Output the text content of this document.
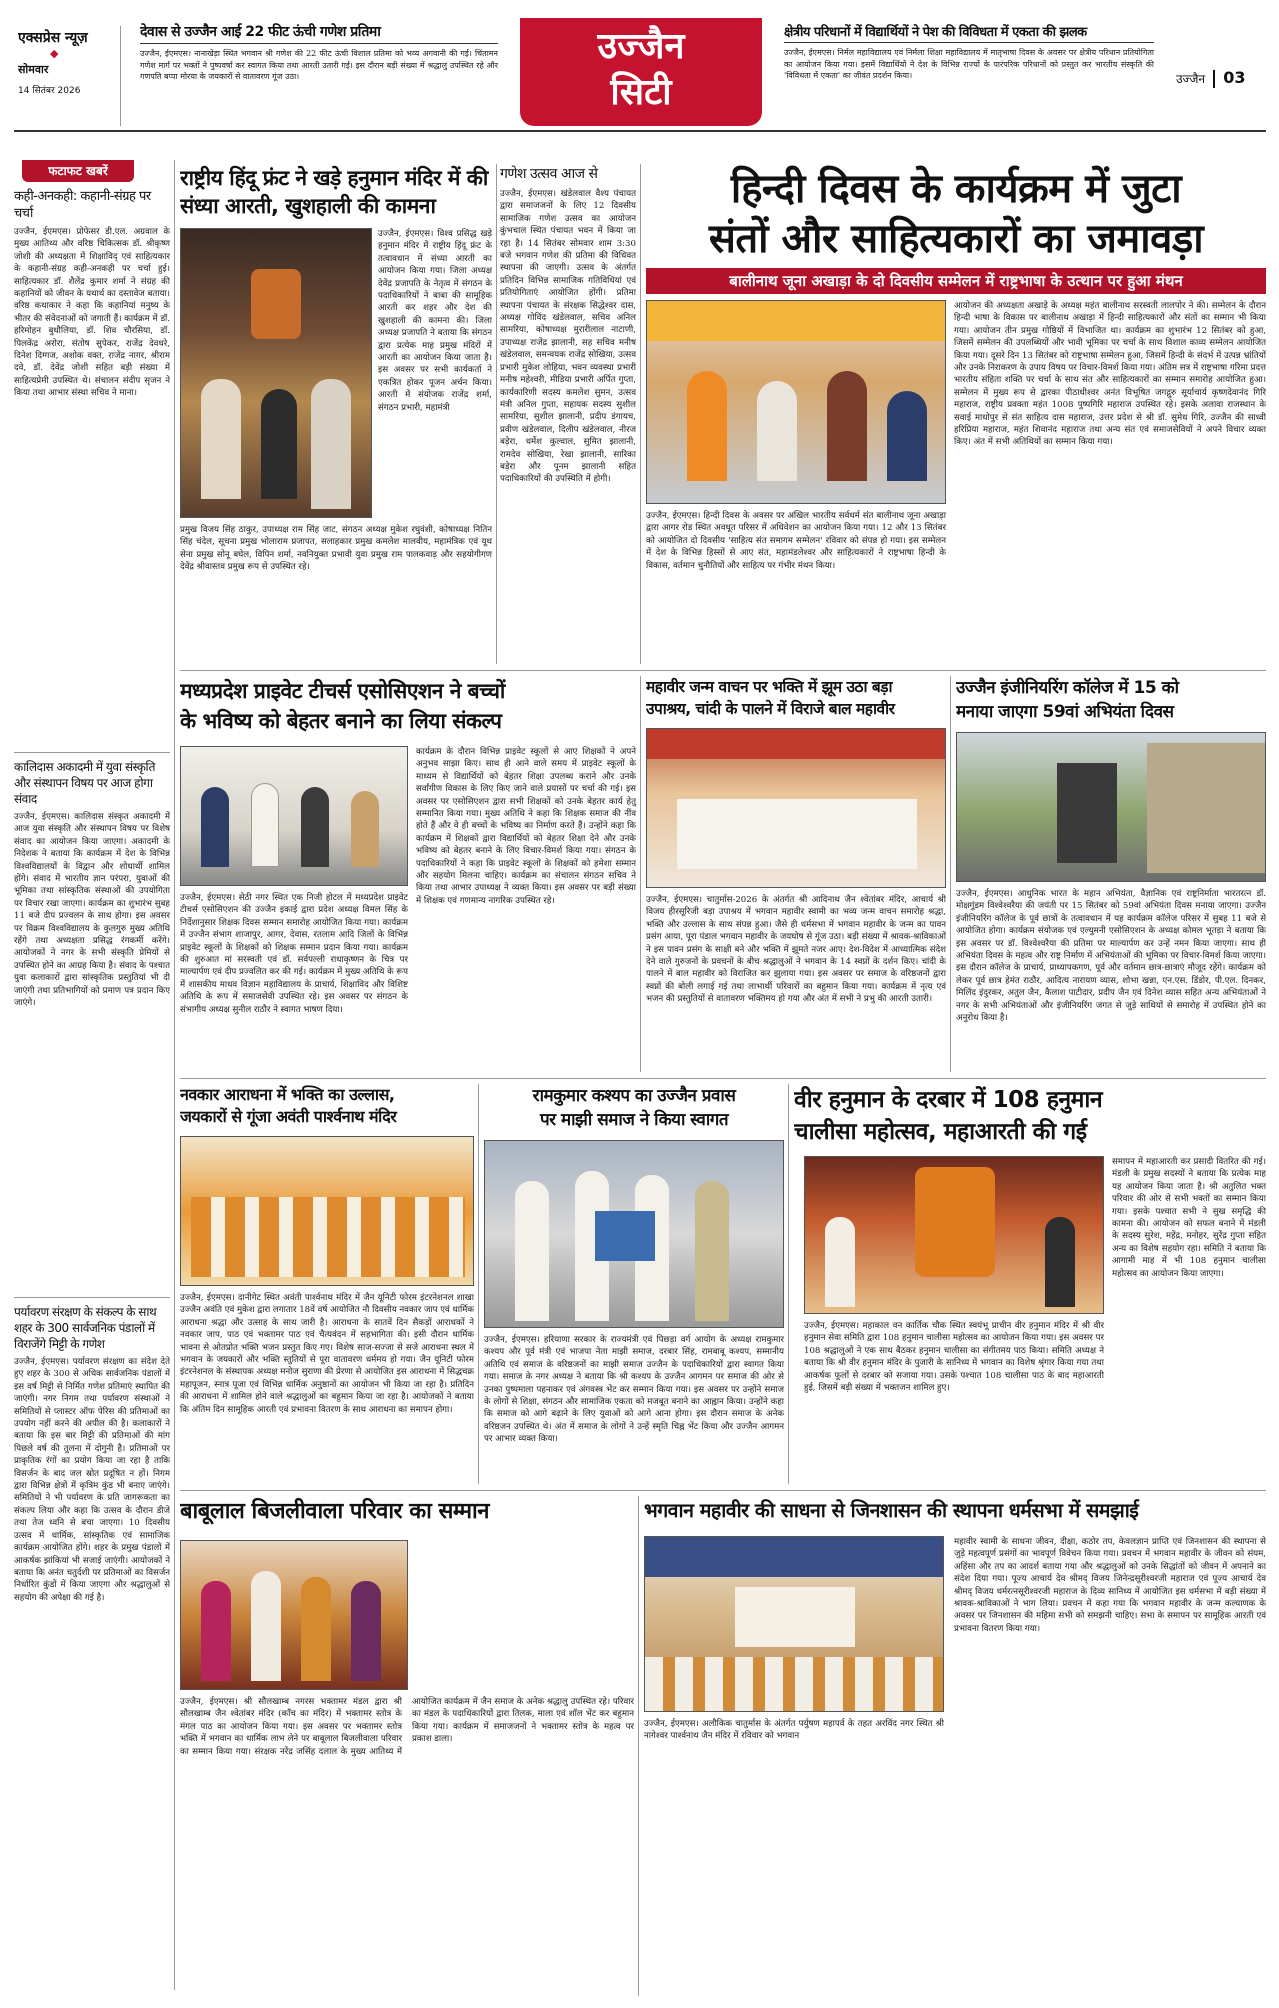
एक्सप्रेस न्यूज़
◆
सोमवार
14 सितंबर 2026
देवास से उज्जैन आई 22 फीट ऊंची गणेश प्रतिमा
उज्जैन, ईएमएस। नानाखेड़ा स्थित भगवान श्री गणेश की 22 फीट ऊंची विशाल प्रतिमा को भव्य अगवानी की गई। चिंतामन गणेश मार्ग पर भक्तों ने पुष्पवर्षा कर स्वागत किया तथा आरती उतारी गई। इस दौरान बड़ी संख्या में श्रद्धालु उपस्थित रहे और गणपति बप्पा मोरया के जयकारों से वातावरण गूंज उठा।
उज्जैन
सिटी
क्षेत्रीय परिधानों में विद्यार्थियों ने पेश की विविधता में एकता की झलक
उज्जैन, ईएमएस। निर्मल महाविद्यालय एवं निर्मला शिक्षा महाविद्यालय में मातृभाषा दिवस के अवसर पर क्षेत्रीय परिधान प्रतियोगिता का आयोजन किया गया। इसमें विद्यार्थियों ने देश के विभिन्न राज्यों के पारंपरिक परिधानों को प्रस्तुत कर भारतीय संस्कृति की 'विविधता में एकता' का जीवंत प्रदर्शन किया।	उज्जैन 03
फटाफट खबरें
कही-अनकही: कहानी-संग्रह पर चर्चा
उज्जैन, ईएमएस। प्रोफेसर डी.एल. अग्रवाल के मुख्य आतिथ्य और वरिष्ठ चिकित्सक डॉ. श्रीकृष्ण जोशी की अध्यक्षता में शिक्षाविद् एवं साहित्यकार के कहानी-संग्रह कही-अनकही पर चर्चा हुई। साहित्यकार डॉ. शैलेंद्र कुमार शर्मा ने संग्रह की कहानियों को जीवन के यथार्थ का दस्तावेज बताया। वरिष्ठ कथाकार ने कहा कि कहानियां मनुष्य के भीतर की संवेदनाओं को जगाती हैं। कार्यक्रम में डॉ. हरिमोहन बुधौलिया, डॉ. शिव चौरसिया, डॉ. पिलकेंद्र अरोरा, संतोष सुपेकर, राजेंद्र देवधरे, दिनेश दिग्गज, अशोक वक्त, राजेंद्र नागर, श्रीराम दवे, डॉ. देवेंद्र जोशी सहित बड़ी संख्या में साहित्यप्रेमी उपस्थित थे। संचालन संदीप सृजन ने किया तथा आभार संस्था सचिव ने माना।
कालिदास अकादमी में युवा संस्कृति और संस्थापन विषय पर आज होगा संवाद
उज्जैन, ईएमएस। कालिदास संस्कृत अकादमी में आज युवा संस्कृति और संस्थापन विषय पर विशेष संवाद का आयोजन किया जाएगा। अकादमी के निदेशक ने बताया कि कार्यक्रम में देश के विभिन्न विश्वविद्यालयों के विद्वान और शोधार्थी शामिल होंगे। संवाद में भारतीय ज्ञान परंपरा, युवाओं की भूमिका तथा सांस्कृतिक संस्थाओं की उपयोगिता पर विचार रखा जाएगा। कार्यक्रम का शुभारंभ सुबह 11 बजे दीप प्रज्वलन के साथ होगा। इस अवसर पर विक्रम विश्वविद्यालय के कुलगुरु मुख्य अतिथि रहेंगे तथा अध्यक्षता प्रसिद्ध रंगकर्मी करेंगे। आयोजकों ने नगर के सभी संस्कृति प्रेमियों से उपस्थित होने का आग्रह किया है। संवाद के पश्चात युवा कलाकारों द्वारा सांस्कृतिक प्रस्तुतियां भी दी जाएंगी तथा प्रतिभागियों को प्रमाण पत्र प्रदान किए जाएंगे।
पर्यावरण संरक्षण के संकल्प के साथ शहर के 300 सार्वजनिक पंडालों में विराजेंगे मिट्टी के गणेश
उज्जैन, ईएमएस। पर्यावरण संरक्षण का संदेश देते हुए शहर के 300 से अधिक सार्वजनिक पंडालों में इस वर्ष मिट्टी से निर्मित गणेश प्रतिमाएं स्थापित की जाएंगी। नगर निगम तथा पर्यावरण संस्थाओं ने समितियों से प्लास्टर ऑफ पेरिस की प्रतिमाओं का उपयोग नहीं करने की अपील की है। कलाकारों ने बताया कि इस बार मिट्टी की प्रतिमाओं की मांग पिछले वर्ष की तुलना में दोगुनी है। प्रतिमाओं पर प्राकृतिक रंगों का प्रयोग किया जा रहा है ताकि विसर्जन के बाद जल स्रोत प्रदूषित न हों। निगम द्वारा विभिन्न क्षेत्रों में कृत्रिम कुंड भी बनाए जाएंगे। समितियों ने भी पर्यावरण के प्रति जागरूकता का संकल्प लिया और कहा कि उत्सव के दौरान डीजे तथा तेज ध्वनि से बचा जाएगा। 10 दिवसीय उत्सव में धार्मिक, सांस्कृतिक एवं सामाजिक कार्यक्रम आयोजित होंगे। शहर के प्रमुख पंडालों में आकर्षक झांकियां भी सजाई जाएंगी। आयोजकों ने बताया कि अनंत चतुर्दशी पर प्रतिमाओं का विसर्जन निर्धारित कुंडों में किया जाएगा और श्रद्धालुओं से सहयोग की अपेक्षा की गई है।
राष्ट्रीय हिंदू फ्रंट ने खड़े हनुमान मंदिर में की संध्या आरती, खुशहाली की कामना
उज्जैन, ईएमएस। विश्व प्रसिद्ध खड़े हनुमान मंदिर में राष्ट्रीय हिंदू फ्रंट के तत्वावधान में संध्या आरती का आयोजन किया गया। जिला अध्यक्ष देवेंद्र प्रजापति के नेतृत्व में संगठन के पदाधिकारियों ने बाबा की सामूहिक आरती कर शहर और देश की खुशहाली की कामना की। जिला अध्यक्ष प्रजापति ने बताया कि संगठन द्वारा प्रत्येक माह प्रमुख मंदिरों में आरती का आयोजन किया जाता है। इस अवसर पर सभी कार्यकर्ता ने एकत्रित होकर पूजन अर्चन किया। आरती में संयोजक राजेंद्र शर्मा, संगठन प्रभारी, महामंत्री
प्रमुख विजय सिंह ठाकुर, उपाध्यक्ष राम सिंह जाट, संगठन अध्यक्ष मुकेश रघुवंशी, कोषाध्यक्ष नितिन सिंह चंदेल, सूचना प्रमुख भोलाराम प्रजापत, सलाहकार प्रमुख कमलेश मालवीय, महामंत्रिक एवं यूथ सेना प्रमुख सोनू बघेल, विपिन शर्मा, नवनियुक्त प्रभावी युवा प्रमुख राम पालकवाड़ और सहयोगीगण देवेंद्र श्रीवास्तव प्रमुख रूप से उपस्थित रहे।
गणेश उत्सव आज से
उज्जैन, ईएमएस। खंडेलवाल वैश्य पंचायत द्वारा समाजजनों के लिए 12 दिवसीय सामाजिक गणेश उत्सव का आयोजन कुंभचाल स्थित पंचायत भवन में किया जा रहा है। 14 सितंबर सोमवार शाम 3:30 बजे भगवान गणेश की प्रतिमा की विधिवत स्थापना की जाएगी। उत्सव के अंतर्गत प्रतिदिन विभिन्न सामाजिक गतिविधियां एवं प्रतियोगिताएं आयोजित होंगी। प्रतिमा स्थापना पंचायत के संरक्षक सिद्धेश्वर दास, अध्यक्ष गोविंद खंडेलवाल, सचिव अनिल सामरिया, कोषाध्यक्ष मुरारीलाल नाटाणी, उपाध्यक्ष राजेंद्र झालानी, सह सचिव मनीष खंडेलवाल, समन्वयक राजेंद्र सोखिया, उत्सव प्रभारी मुकेश लोहिया, भवन व्यवस्था प्रभारी मनीष महेश्वरी, मीडिया प्रभारी अर्पित गुप्ता, कार्यकारिणी सदस्य कमलेश सुमन, उत्सव मंत्री अनिल गुप्ता, सहायक सदस्य सुशील सामरिया, सुशील झालानी, प्रदीप डंगायच, प्रवीण खंडेलवाल, दिलीप खंडेलवाल, नीरज बड़ेरा, धर्मेश कुल्वाल, सुमित झालानी, रामदेव सोखिया, रेखा झालानी, सारिका बड़ेरा और पूनम झालानी सहित पदाधिकारियों की उपस्थिति में होगी।
हिन्दी दिवस के कार्यक्रम में जुटा
संतों और साहित्यकारों का जमावड़ा
बालीनाथ जूना अखाड़ा के दो दिवसीय सम्मेलन में राष्ट्रभाषा के उत्थान पर हुआ मंथन
उज्जैन, ईएमएस। हिन्दी दिवस के अवसर पर अखिल भारतीय सर्वधर्म संत बालीनाथ जूना अखाड़ा द्वारा आगर रोड स्थित अवधूत परिसर में अधिवेशन का आयोजन किया गया। 12 और 13 सितंबर को आयोजित दो दिवसीय 'साहित्य संत समागम सम्मेलन' रविवार को संपन्न हो गया। इस सम्मेलन में देश के विभिन्न हिस्सों से आए संत, महामंडलेश्वर और साहित्यकारों ने राष्ट्रभाषा हिन्दी के विकास, वर्तमान चुनौतियों और साहित्य पर गंभीर मंथन किया।
आयोजन की अध्यक्षता अखाड़े के अध्यक्ष महंत बालीनाथ सरस्वती लालपोर ने की। सम्मेलन के दौरान हिन्दी भाषा के विकास पर बालीनाथ अखाड़ा में हिन्दी साहित्यकारों और संतों का सम्मान भी किया गया। आयोजन तीन प्रमुख गोष्ठियों में विभाजित था। कार्यक्रम का शुभारंभ 12 सितंबर को हुआ, जिसमें सम्मेलन की उपलब्धियों और भावी भूमिका पर चर्चा के साथ विशाल काव्य सम्मेलन आयोजित किया गया। दूसरे दिन 13 सितंबर को राष्ट्रभाषा सम्मेलन हुआ, जिसमें हिन्दी के संदर्भ में उत्पन्न भ्रांतियों और उनके निराकरण के उपाय विषय पर विचार-विमर्श किया गया। अंतिम सत्र में राष्ट्रभाषा गरिमा प्रदत्त भारतीय संहिता शक्ति पर चर्चा के साथ संत और साहित्यकारों का सम्मान समारोह आयोजित हुआ। सम्मेलन में मुख्य रूप से द्वारका पीठाधीश्वर अनंत विभूषित जगद्गुरु सूर्याचार्य कृष्णदेवानंद गिरि महाराज, राष्ट्रीय प्रवक्ता महंत 1008 पुष्पगिरि महाराज उपस्थित रहे। इसके अलावा राजस्थान के सवाई माधोपुर से संत साहित्य दास महाराज, उत्तर प्रदेश से श्री डॉ. सुमेध गिरि, उज्जैन की साध्वी हरिप्रिया महाराज, महंत शिवानंद महाराज तथा अन्य संत एवं समाजसेवियों ने अपने विचार व्यक्त किए। अंत में सभी अतिथियों का सम्मान किया गया।
मध्यप्रदेश प्राइवेट टीचर्स एसोसिएशन ने बच्चों
के भविष्य को बेहतर बनाने का लिया संकल्प
उज्जैन, ईएमएस। सेठी नगर स्थित एक निजी होटल में मध्यप्रदेश प्राइवेट टीचर्स एसोसिएशन की उज्जैन इकाई द्वारा प्रदेश अध्यक्ष विमल सिंह के निर्देशानुसार शिक्षक दिवस सम्मान समारोह आयोजित किया गया। कार्यक्रम में उज्जैन संभाग शाजापुर, आगर, देवास, रतलाम आदि जिलों के विभिन्न प्राइवेट स्कूलों के शिक्षकों को शिक्षक सम्मान प्रदान किया गया। कार्यक्रम की शुरुआत मां सरस्वती एवं डॉ. सर्वपल्ली राधाकृष्णन के चित्र पर माल्यार्पण एवं दीप प्रज्वलित कर की गई। कार्यक्रम में मुख्य अतिथि के रूप में शासकीय माधव विज्ञान महाविद्यालय के प्राचार्य, शिक्षाविद और विशिष्ट अतिथि के रूप में समाजसेवी उपस्थित रहे। इस अवसर पर संगठन के संभागीय अध्यक्ष सुनील राठौर ने स्वागत भाषण दिया।
कार्यक्रम के दौरान विभिन्न प्राइवेट स्कूलों से आए शिक्षकों ने अपने अनुभव साझा किए। साथ ही आने वाले समय में प्राइवेट स्कूलों के माध्यम से विद्यार्थियों को बेहतर शिक्षा उपलब्ध कराने और उनके सर्वांगीण विकास के लिए किए जाने वाले प्रयासों पर चर्चा की गई। इस अवसर पर एसोसिएशन द्वारा सभी शिक्षकों को उनके बेहतर कार्य हेतु सम्मानित किया गया। मुख्य अतिथि ने कहा कि शिक्षक समाज की नींव होते हैं और वे ही बच्चों के भविष्य का निर्माण करते हैं। उन्होंने कहा कि कार्यक्रम में शिक्षकों द्वारा विद्यार्थियों को बेहतर शिक्षा देने और उनके भविष्य को बेहतर बनाने के लिए विचार-विमर्श किया गया। संगठन के पदाधिकारियों ने कहा कि प्राइवेट स्कूलों के शिक्षकों को हमेशा सम्मान और सहयोग मिलना चाहिए। कार्यक्रम का संचालन संगठन सचिव ने किया तथा आभार उपाध्यक्ष ने व्यक्त किया। इस अवसर पर बड़ी संख्या में शिक्षक एवं गणमान्य नागरिक उपस्थित रहे।
महावीर जन्म वाचन पर भक्ति में झूम उठा बड़ा
उपाश्रय, चांदी के पालने में विराजे बाल महावीर
उज्जैन, ईएमएस। चातुर्मास-2026 के अंतर्गत श्री आदिनाथ जैन श्वेतांबर मंदिर, आचार्य श्री विजय हीरसूरिजी बड़ा उपाश्रय में भगवान महावीर स्वामी का भव्य जन्म वाचन समारोह श्रद्धा, भक्ति और उल्लास के साथ संपन्न हुआ। जैसे ही धर्मसभा में भगवान महावीर के जन्म का पावन प्रसंग आया, पूरा पंडाल भगवान महावीर के जयघोष से गूंज उठा। बड़ी संख्या में श्रावक-श्राविकाओं ने इस पावन प्रसंग के साक्षी बने और भक्ति में झूमते नजर आए। देश-विदेश में आध्यात्मिक संदेश देने वाले गुरुजनों के प्रवचनों के बीच श्रद्धालुओं ने भगवान के 14 स्वप्नों के दर्शन किए। चांदी के पालने में बाल महावीर को विराजित कर झुलाया गया। इस अवसर पर समाज के वरिष्ठजनों द्वारा स्वप्नों की बोली लगाई गई तथा लाभार्थी परिवारों का बहुमान किया गया। कार्यक्रम में नृत्य एवं भजन की प्रस्तुतियों से वातावरण भक्तिमय हो गया और अंत में सभी ने प्रभु की आरती उतारी।
उज्जैन इंजीनियरिंग कॉलेज में 15 को
मनाया जाएगा 59वां अभियंता दिवस
उज्जैन, ईएमएस। आधुनिक भारत के महान अभियंता, वैज्ञानिक एवं राष्ट्रनिर्माता भारतरत्न डॉ. मोक्षगुंडम विश्वेश्वरैया की जयंती पर 15 सितंबर को 59वां अभियंता दिवस मनाया जाएगा। उज्जैन इंजीनियरिंग कॉलेज के पूर्व छात्रों के तत्वावधान में यह कार्यक्रम कॉलेज परिसर में सुबह 11 बजे से आयोजित होगा। कार्यक्रम संयोजक एवं एल्युमनी एसोसिएशन के अध्यक्ष कोमल भूतड़ा ने बताया कि इस अवसर पर डॉ. विश्वेश्वरैया की प्रतिमा पर माल्यार्पण कर उन्हें नमन किया जाएगा। साथ ही अभियंता दिवस के महत्व और राष्ट्र निर्माण में अभियंताओं की भूमिका पर विचार-विमर्श किया जाएगा। इस दौरान कॉलेज के प्राचार्य, प्राध्यापकगण, पूर्व और वर्तमान छात्र-छात्राएं मौजूद रहेंगे। कार्यक्रम को लेकर पूर्व छात्र हेमंत राठौर, आदित्य नारायण व्यास, शोभा खन्ना, एन.एस. डिंडोर, पी.एल. दिनकर, मिलिंद इंदुरकर, अतुल जैन, कैलाश पाटीदार, प्रदीप जैन एवं दिनेश व्यास सहित अन्य अभियंताओं ने नगर के सभी अभियंताओं और इंजीनियरिंग जगत से जुड़े साथियों से समारोह में उपस्थित होने का अनुरोध किया है।
नवकार आराधना में भक्ति का उल्लास,
जयकारों से गूंजा अवंती पार्श्वनाथ मंदिर
उज्जैन, ईएमएस। दानीगेट स्थित अवंती पार्श्वनाथ मंदिर में जैन यूनिटी फोरम इंटरनेशनल शाखा उज्जैन अवंति एवं मुकेश द्वारा लगातार 18वें वर्ष आयोजित नौ दिवसीय नवकार जाप एवं धार्मिक आराधना श्रद्धा और उत्साह के साथ जारी है। आराधना के सातवें दिन सैकड़ों आराधकों ने नवकार जाप, पाठ एवं भक्तामर पाठ एवं चैत्यवंदन में सहभागिता की। इसी दौरान धार्मिक भावना से ओतप्रोत भक्ति भजन प्रस्तुत किए गए। विशेष साज-सज्जा से सजे आराधना स्थल में भगवान के जयकारों और भक्ति स्तुतियों से पूरा वातावरण धर्ममय हो गया। जैन यूनिटी फोरम इंटरनेशनल के संस्थापक अध्यक्ष मनोज सुराणा की प्रेरणा से आयोजित इस आराधना में सिद्धचक्र महापूजन, स्नात्र पूजा एवं विभिन्न धार्मिक अनुष्ठानों का आयोजन भी किया जा रहा है। प्रतिदिन की आराधना में शामिल होने वाले श्रद्धालुओं का बहुमान किया जा रहा है। आयोजकों ने बताया कि अंतिम दिन सामूहिक आरती एवं प्रभावना वितरण के साथ आराधना का समापन होगा।
रामकुमार कश्यप का उज्जैन प्रवास
पर माझी समाज ने किया स्वागत
उज्जैन, ईएमएस। हरियाणा सरकार के राज्यमंत्री एवं पिछड़ा वर्ग आयोग के अध्यक्ष रामकुमार कश्यप और पूर्व मंत्री एवं भाजपा नेता माझी समाज, दरबार सिंह, रामबाबू कश्यप, सम्मानीय अतिथि एवं समाज के वरिष्ठजनों का माझी समाज उज्जैन के पदाधिकारियों द्वारा स्वागत किया गया। समाज के नगर अध्यक्ष ने बताया कि श्री कश्यप के उज्जैन आगमन पर समाज की ओर से उनका पुष्पमाला पहनाकर एवं अंगवस्त्र भेंट कर सम्मान किया गया। इस अवसर पर उन्होंने समाज के लोगों से शिक्षा, संगठन और सामाजिक एकता को मजबूत बनाने का आह्वान किया। उन्होंने कहा कि समाज को आगे बढ़ाने के लिए युवाओं को आगे आना होगा। इस दौरान समाज के अनेक वरिष्ठजन उपस्थित थे। अंत में समाज के लोगों ने उन्हें स्मृति चिह्न भेंट किया और उज्जैन आगमन पर आभार व्यक्त किया।
वीर हनुमान के दरबार में 108 हनुमान
चालीसा महोत्सव, महाआरती की गई
उज्जैन, ईएमएस। महाकाल वन कार्तिक चौक स्थित स्वयंभू प्राचीन वीर हनुमान मंदिर में श्री वीर हनुमान सेवा समिति द्वारा 108 हनुमान चालीसा महोत्सव का आयोजन किया गया। इस अवसर पर 108 श्रद्धालुओं ने एक साथ बैठकर हनुमान चालीसा का संगीतमय पाठ किया। समिति अध्यक्ष ने बताया कि श्री वीर हनुमान मंदिर के पुजारी के सानिध्य में भगवान का विशेष श्रृंगार किया गया तथा आकर्षक फूलों से दरबार को सजाया गया। उसके पश्चात 108 चालीसा पाठ के बाद महाआरती हुई, जिसमें बड़ी संख्या में भक्तजन शामिल हुए।
समापन में महाआरती कर प्रसादी वितरित की गई। मंडली के प्रमुख सदस्यों ने बताया कि प्रत्येक माह यह आयोजन किया जाता है। श्री अतुलित भक्त परिवार की ओर से सभी भक्तों का सम्मान किया गया। इसके पश्चात सभी ने सुख समृद्धि की कामना की। आयोजन को सफल बनाने में मंडली के सदस्य सुरेश, महेंद्र, मनोहर, सुरेंद्र गुप्ता सहित अन्य का विशेष सहयोग रहा। समिति ने बताया कि आगामी माह में भी 108 हनुमान चालीसा महोत्सव का आयोजन किया जाएगा।
बाबूलाल बिजलीवाला परिवार का सम्मान
उज्जैन, ईएमएस। श्री सौलखाम्ब नगरस भक्तामर मंडल द्वारा श्री सौलखाम्ब जैन श्वेतांबर मंदिर (काँच का मंदिर) में भक्तामर स्तोत्र के मंगल पाठ का आयोजन किया गया। इस अवसर पर भक्तामर स्तोत्र भक्ति में भगवान का धार्मिक लाभ लेने पर बाबूलाल बिजलीवाला परिवार का सम्मान किया गया। संरक्षक नरेंद्र जसिंह दलाल के मुख्य आतिथ्य में आयोजित कार्यक्रम में जैन समाज के अनेक श्रद्धालु उपस्थित रहे। परिवार का मंडल के पदाधिकारियों द्वारा तिलक, माला एवं शॉल भेंट कर बहुमान किया गया। कार्यक्रम में समाजजनों ने भक्तामर स्तोत्र के महत्व पर प्रकाश डाला।
भगवान महावीर की साधना से जिनशासन की स्थापना धर्मसभा में समझाई
उज्जैन, ईएमएस। अलौकिक चातुर्मास के अंतर्गत पर्युषण महापर्व के तहत अरविंद नगर स्थित श्री नागेश्वर पार्श्वनाथ जैन मंदिर में रविवार को भगवान
महावीर स्वामी के साधना जीवन, दीक्षा, कठोर तप, केवलज्ञान प्राप्ति एवं जिनशासन की स्थापना से जुड़े महत्वपूर्ण प्रसंगों का भावपूर्ण विवेचन किया गया। प्रवचन में भगवान महावीर के जीवन को संयम, अहिंसा और तप का आदर्श बताया गया और श्रद्धालुओं को उनके सिद्धांतों को जीवन में अपनाने का संदेश दिया गया। पूज्य आचार्य देव श्रीमद् विजय जिनेन्द्रसूरीश्वरजी महाराज एवं पूज्य आचार्य देव श्रीमद् विजय धर्मरत्नसूरीश्वरजी महाराज के दिव्य सानिध्य में आयोजित इस धर्मसभा में बड़ी संख्या में श्रावक-श्राविकाओं ने भाग लिया। प्रवचन में कहा गया कि भगवान महावीर के जन्म कल्याणक के अवसर पर जिनशासन की महिमा सभी को समझनी चाहिए। सभा के समापन पर सामूहिक आरती एवं प्रभावना वितरण किया गया।
